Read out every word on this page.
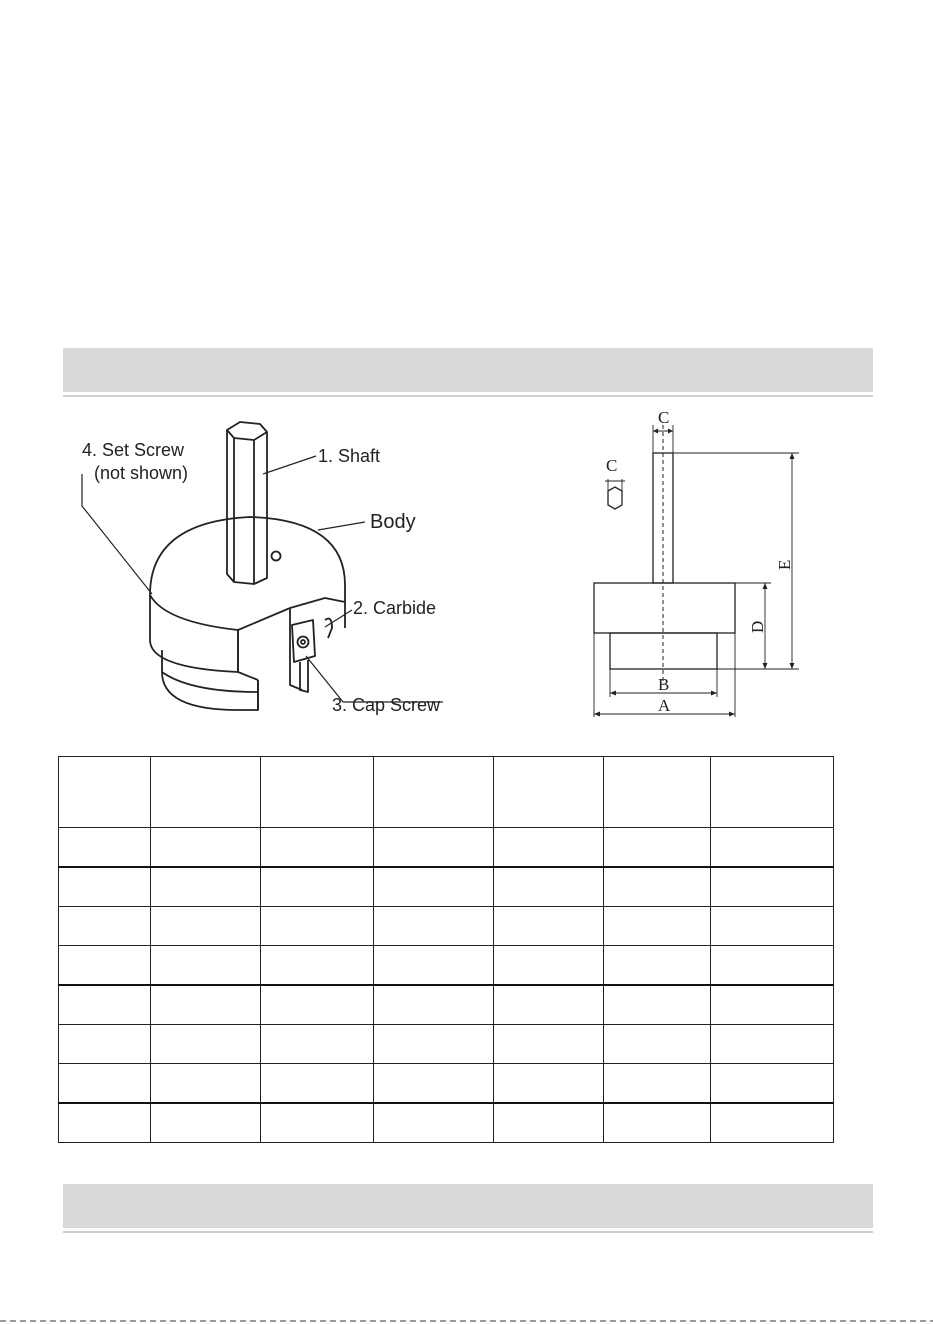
4. Set Screw
(not shown)
1. Shaft
Body
2. Carbide
3. Cap Screw
C
C
E
D
B
A
